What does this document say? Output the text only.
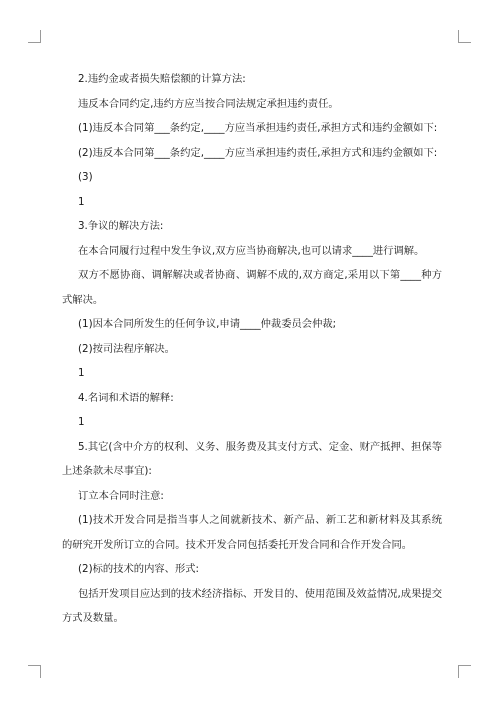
2.违约金或者损失赔偿额的计算方法:

违反本合同约定,违约方应当按合同法规定承担违约责任。

(1)违反本合同第___条约定,____方应当承担违约责任,承担方式和违约金额如下:

(2)违反本合同第___条约定,____方应当承担违约责任,承担方式和违约金额如下:

(3)

1

3.争议的解决方法:

在本合同履行过程中发生争议,双方应当协商解决,也可以请求____进行调解。

双方不愿协商、调解解决或者协商、调解不成的,双方商定,采用以下第____种方式解决。

(1)因本合同所发生的任何争议,申请____仲裁委员会仲裁;

(2)按司法程序解决。

1

4.名词和术语的解释:

1

5.其它(含中介方的权利、义务、服务费及其支付方式、定金、财产抵押、担保等上述条款未尽事宜):

订立本合同时注意:

(1)技术开发合同是指当事人之间就新技术、新产品、新工艺和新材料及其系统的研究开发所订立的合同。技术开发合同包括委托开发合同和合作开发合同。

(2)标的技术的内容、形式:

包括开发项目应达到的技术经济指标、开发目的、使用范围及效益情况,成果提交方式及数量。
